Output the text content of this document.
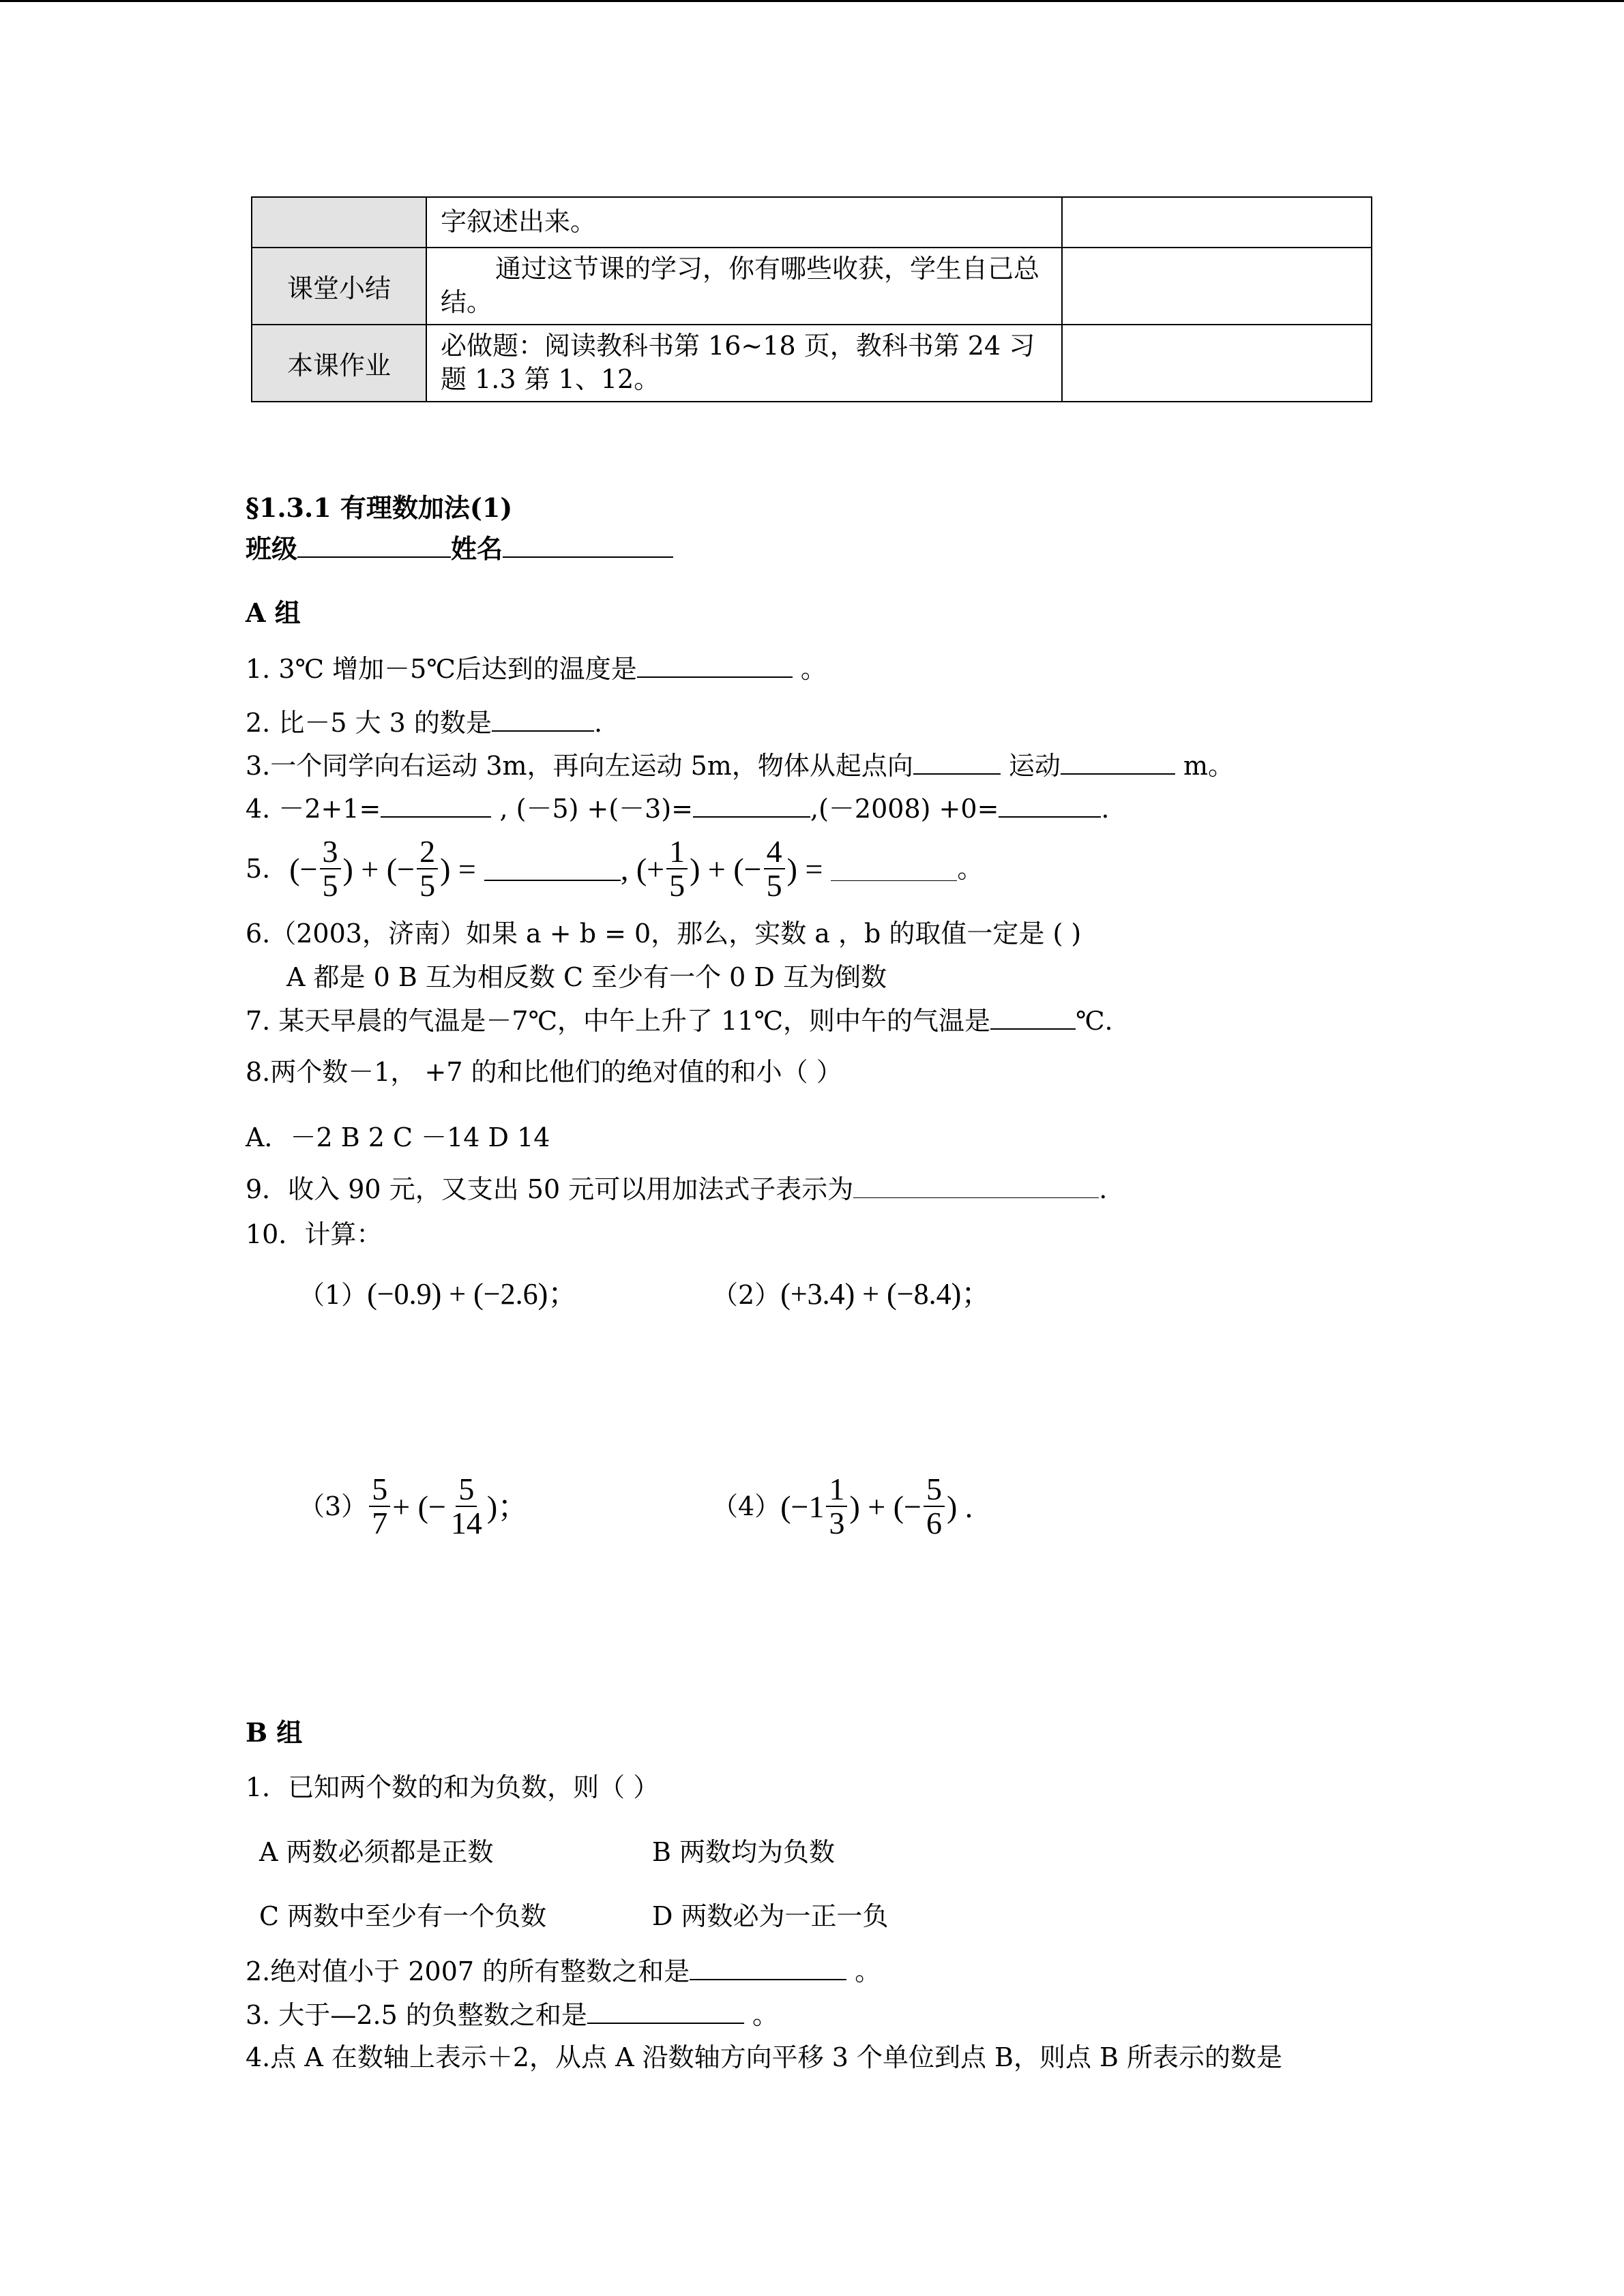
	字叙述出来。	
课堂小结	通过这节课的学习，你有哪些收获，学生自己总结。	
本课作业	必做题：阅读教科书第 16~18 页，教科书第 24 习题 1.3 第 1、12。	
§1.3.1 有理数加法(1)
班级	姓名
A 组
1. 3℃ 增加－5℃后达到的温度是	。
2. 比－5 大 3 的数是	.
3.一个同学向右运动 3m，再向左运动 5m，物体从起点向	运动	m。
4. －2+1=	, (－5) +(－3)=	,(－2008) +0=	.
5. (− $\frac{3}{5}$ ) + (− $\frac{2}{5}$ ) =	, (+ $\frac{1}{5}$ ) + (− $\frac{4}{5}$ ) =	。
6.（2003，济南）如果 a + b = 0，那么，实数 a ，b 的取值一定是 ( )
A 都是 0 B 互为相反数 C 至少有一个 0 D 互为倒数
7. 某天早晨的气温是－7℃，中午上升了 11℃，则中午的气温是	℃.
8.两个数－1， +7 的和比他们的绝对值的和小（ ）
A．－2 B 2 C －14 D 14
9．收入 90 元，又支出 50 元可以用加法式子表示为	.
10．计算：
（1）(−0.9) + (−2.6)；	（2）(+3.4) + (−8.4)；
$(3) \frac{5}{7}$ + (− $\frac{5}{14}$ )；	（4） ($-1 \frac{1}{3}$ ) + (− $\frac{5}{6}$ ) .
B 组
1．已知两个数的和为负数，则（ ）
A 两数必须都是正数	B 两数均为负数
C 两数中至少有一个负数	D 两数必为一正一负
2.绝对值小于 2007 的所有整数之和是	。
3. 大于—2.5 的负整数之和是	。
4.点 A 在数轴上表示＋2，从点 A 沿数轴方向平移 3 个单位到点 B，则点 B 所表示的数是
